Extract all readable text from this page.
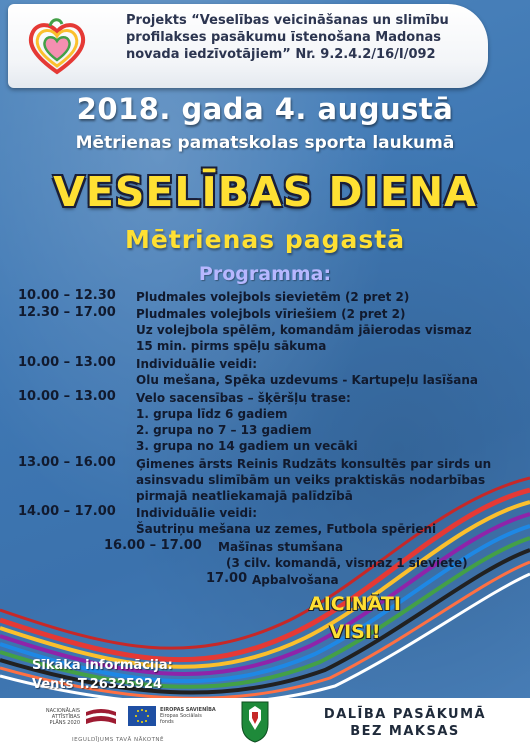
Projekts “Veselības veicināšanas un slimību
profilakses pasākumu īstenošana Madonas
novada iedzīvotājiem” Nr. 9.2.4.2/16/I/092
2018. gada 4. augustā
Mētrienas pamatskolas sporta laukumā
VESELĪBAS DIENA
Mētrienas pagastā
Programma:
10.00 – 12.30 Pludmales volejbols sievietēm (2 pret 2)
12.30 – 17.00 Pludmales volejbols vīriešiem (2 pret 2)
Uz volejbola spēlēm, komandām jāierodas vismaz
15 min. pirms spēļu sākuma
10.00 – 13.00 Individuālie veidi:
Olu mešana, Spēka uzdevums - Kartupeļu lasīšana
10.00 – 13.00 Velo sacensības – šķēršļu trase:
1. grupa līdz 6 gadiem
2. grupa no 7 – 13 gadiem
3. grupa no 14 gadiem un vecāki
13.00 – 16.00 Ģimenes ārsts Reinis Rudzāts konsultēs par sirds un
asinsvadu slimībām un veiks praktiskās nodarbības
pirmajā neatliekamajā palīdzībā
14.00 – 17.00 Individuālie veidi:
Šautriņu mešana uz zemes, Futbola spērieni
16.00 – 17.00 Mašīnas stumšana
(3 cilv. komandā, vismaz 1 sieviete)
17.00 Apbalvošana
AICINĀTI
VISI!
Sīkāka informācija:
Vents T.26325924
NACIONĀLAIS
ATTĪSTĪBAS
PLĀNS 2020
EIROPAS SAVIENĪBA
Eiropas Sociālais
fonds
IEGULDĪJUMS TAVĀ NĀKOTNĒ
DALĪBA PASĀKUMĀ
BEZ MAKSAS
